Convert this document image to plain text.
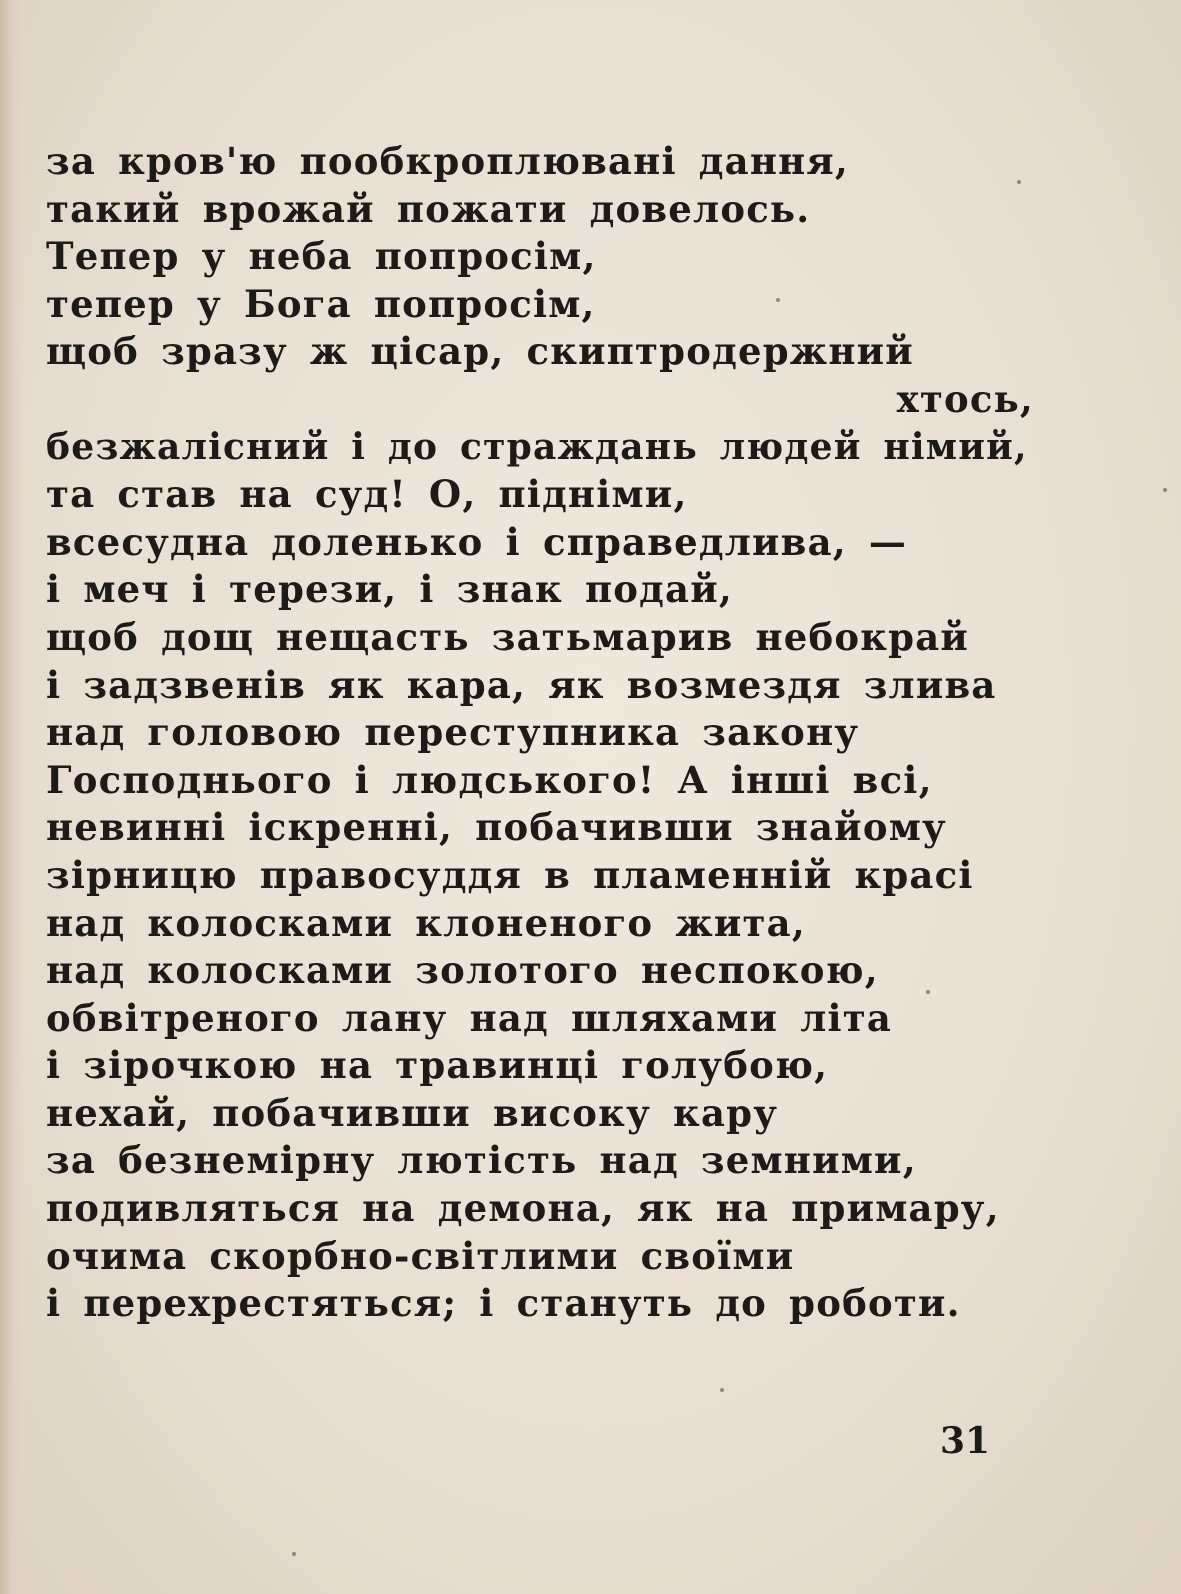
за кров'ю пообкроплювані дання,
такий врожай пожати довелось.
Тепер у неба попросім,
тепер у Бога попросім,
щоб зразу ж цісар, скиптродержний
хтось,
безжалісний і до страждань людей німий,
та став на суд! О, підніми,
всесудна доленько і справедлива, —
і меч і терези, і знак подай,
щоб дощ нещасть затьмарив небокрай
і задзвенів як кара, як возмездя злива
над головою переступника закону
Господнього і людського! А інші всі,
невинні іскренні, побачивши знайому
зірницю правосуддя в пламенній красі
над колосками клоненого жита,
над колосками золотого неспокою,
обвітреного лану над шляхами літа
і зірочкою на травинці голубою,
нехай, побачивши високу кару
за безнемірну лютість над земними,
подивляться на демона, як на примару,
очима скорбно-світлими своїми
і перехрестяться; і стануть до роботи.
31
